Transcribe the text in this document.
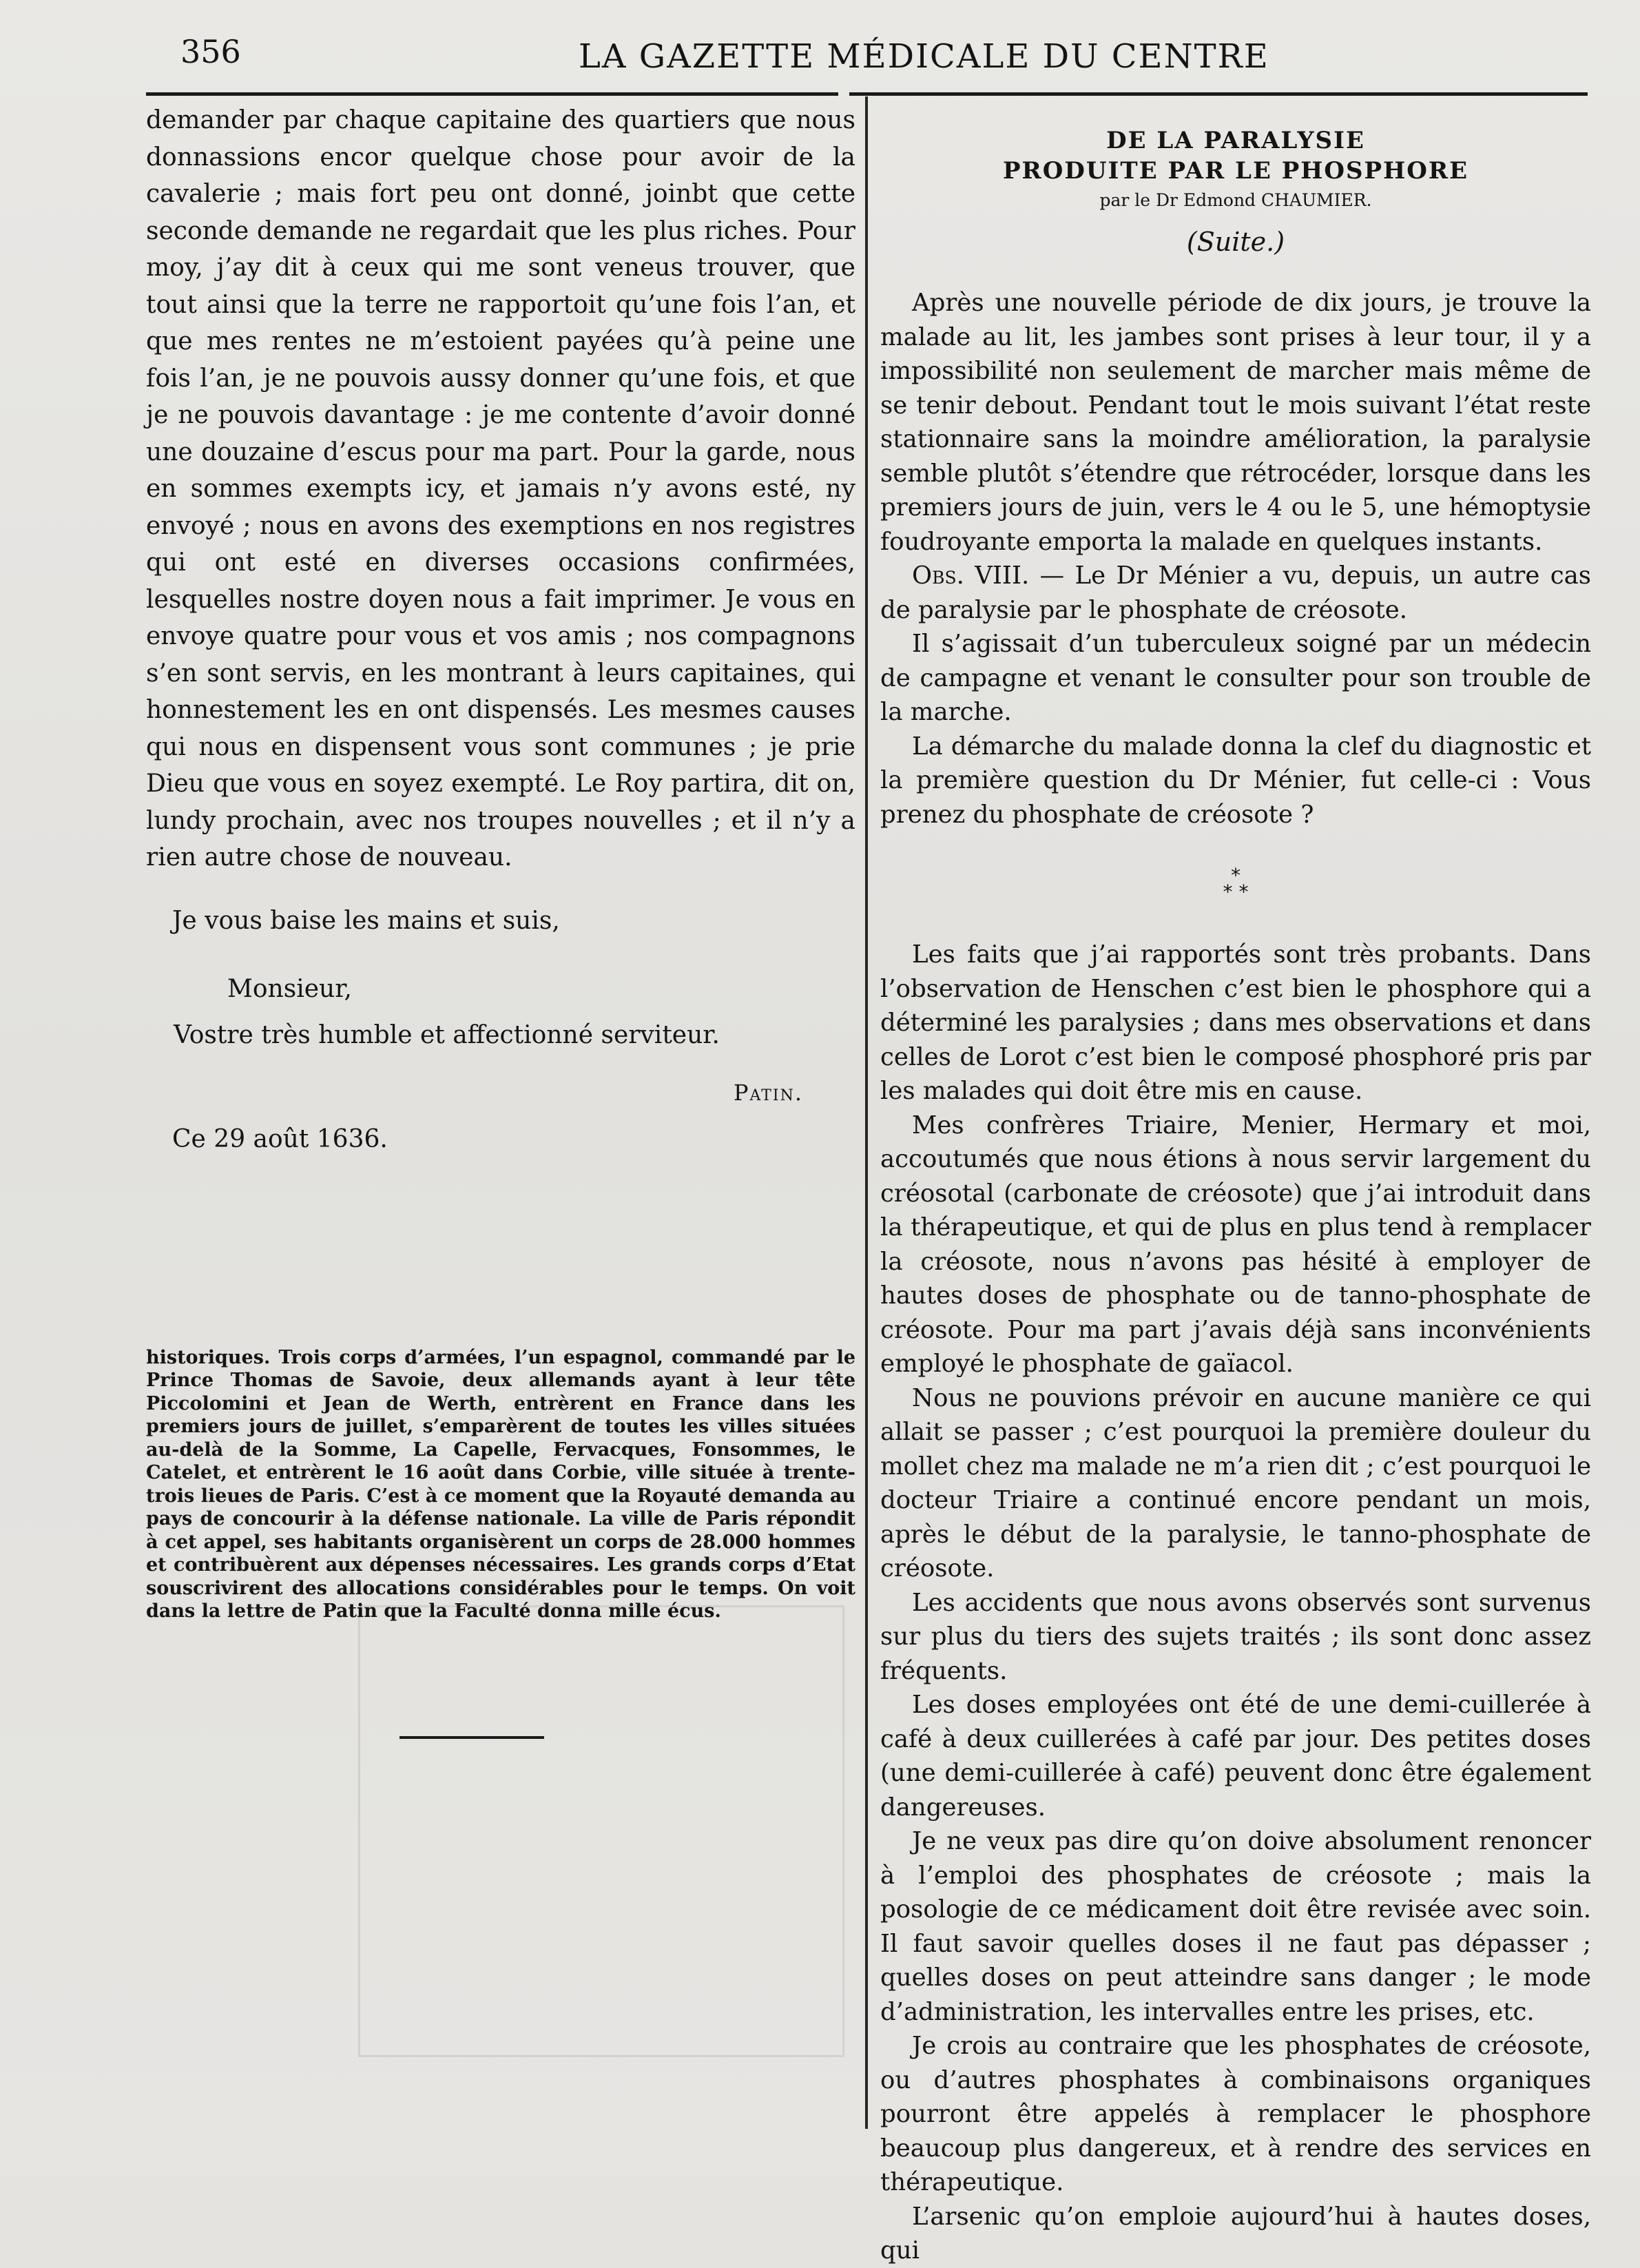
356	LA GAZETTE MÉDICALE DU CENTRE

demander par chaque capitaine des quartiers que nous donnassions encor quelque chose pour avoir de la cavalerie ; mais fort peu ont donné, joinbt que cette seconde demande ne regardait que les plus riches. Pour moy, j’ay dit à ceux qui me sont veneus trouver, que tout ainsi que la terre ne rapportoit qu’une fois l’an, et que mes rentes ne m’estoient payées qu’à peine une fois l’an, je ne pouvois aussy donner qu’une fois, et que je ne pouvois davantage : je me contente d’avoir donné une douzaine d’escus pour ma part. Pour la garde, nous en sommes exempts icy, et jamais n’y avons esté, ny envoyé ; nous en avons des exemptions en nos registres qui ont esté en diverses occasions confirmées, lesquelles nostre doyen nous a fait imprimer. Je vous en envoye quatre pour vous et vos amis ; nos compagnons s’en sont servis, en les montrant à leurs capitaines, qui honnestement les en ont dispensés. Les mesmes causes qui nous en dispensent vous sont communes ; je prie Dieu que vous en soyez exempté. Le Roy partira, dit on, lundy prochain, avec nos troupes nouvelles ; et il n’y a rien autre chose de nouveau.

Je vous baise les mains et suis,

Monsieur,

Vostre très humble et affectionné serviteur.

Patin.

Ce 29 août 1636.

historiques. Trois corps d’armées, l’un espagnol, commandé par le Prince Thomas de Savoie, deux allemands ayant à leur tête Piccolomini et Jean de Werth, entrèrent en France dans les premiers jours de juillet, s’emparèrent de toutes les villes situées au-delà de la Somme, La Capelle, Fervacques, Fonsommes, le Catelet, et entrèrent le 16 août dans Corbie, ville située à trente-trois lieues de Paris. C’est à ce moment que la Royauté demanda au pays de concourir à la défense nationale. La ville de Paris répondit à cet appel, ses habitants organisèrent un corps de 28.000 hommes et contribuèrent aux dépenses nécessaires. Les grands corps d’Etat souscrivirent des allocations considérables pour le temps. On voit dans la lettre de Patin que la Faculté donna mille écus.

DE LA PARALYSIE
PRODUITE PAR LE PHOSPHORE
par le Dr Edmond CHAUMIER.
(Suite.)

Après une nouvelle période de dix jours, je trouve la malade au lit, les jambes sont prises à leur tour, il y a impossibilité non seulement de marcher mais même de se tenir debout. Pendant tout le mois suivant l’état reste stationnaire sans la moindre amélioration, la paralysie semble plutôt s’étendre que rétrocéder, lorsque dans les premiers jours de juin, vers le 4 ou le 5, une hémoptysie foudroyante emporta la malade en quelques instants.

Obs. VIII. — Le Dr Ménier a vu, depuis, un autre cas de paralysie par le phosphate de créosote.

Il s’agissait d’un tuberculeux soigné par un médecin de campagne et venant le consulter pour son trouble de la marche.

La démarche du malade donna la clef du diagnostic et la première question du Dr Ménier, fut celle-ci : Vous prenez du phosphate de créosote ?

*
* *

Les faits que j’ai rapportés sont très probants. Dans l’observation de Henschen c’est bien le phosphore qui a déterminé les paralysies ; dans mes observations et dans celles de Lorot c’est bien le composé phosphoré pris par les malades qui doit être mis en cause.

Mes confrères Triaire, Menier, Hermary et moi, accoutumés que nous étions à nous servir largement du créosotal (carbonate de créosote) que j’ai introduit dans la thérapeutique, et qui de plus en plus tend à remplacer la créosote, nous n’avons pas hésité à employer de hautes doses de phosphate ou de tanno-phosphate de créosote. Pour ma part j’avais déjà sans inconvénients employé le phosphate de gaïacol.

Nous ne pouvions prévoir en aucune manière ce qui allait se passer ; c’est pourquoi la première douleur du mollet chez ma malade ne m’a rien dit ; c’est pourquoi le docteur Triaire a continué encore pendant un mois, après le début de la paralysie, le tanno-phosphate de créosote.

Les accidents que nous avons observés sont survenus sur plus du tiers des sujets traités ; ils sont donc assez fréquents.

Les doses employées ont été de une demi-cuillerée à café à deux cuillerées à café par jour. Des petites doses (une demi-cuillerée à café) peuvent donc être également dangereuses.

Je ne veux pas dire qu’on doive absolument renoncer à l’emploi des phosphates de créosote ; mais la posologie de ce médicament doit être revisée avec soin. Il faut savoir quelles doses il ne faut pas dépasser ; quelles doses on peut atteindre sans danger ; le mode d’administration, les intervalles entre les prises, etc.

Je crois au contraire que les phosphates de créosote, ou d’autres phosphates à combinaisons organiques pourront être appelés à remplacer le phosphore beaucoup plus dangereux, et à rendre des services en thérapeutique.

L’arsenic qu’on emploie aujourd’hui à hautes doses, qui
